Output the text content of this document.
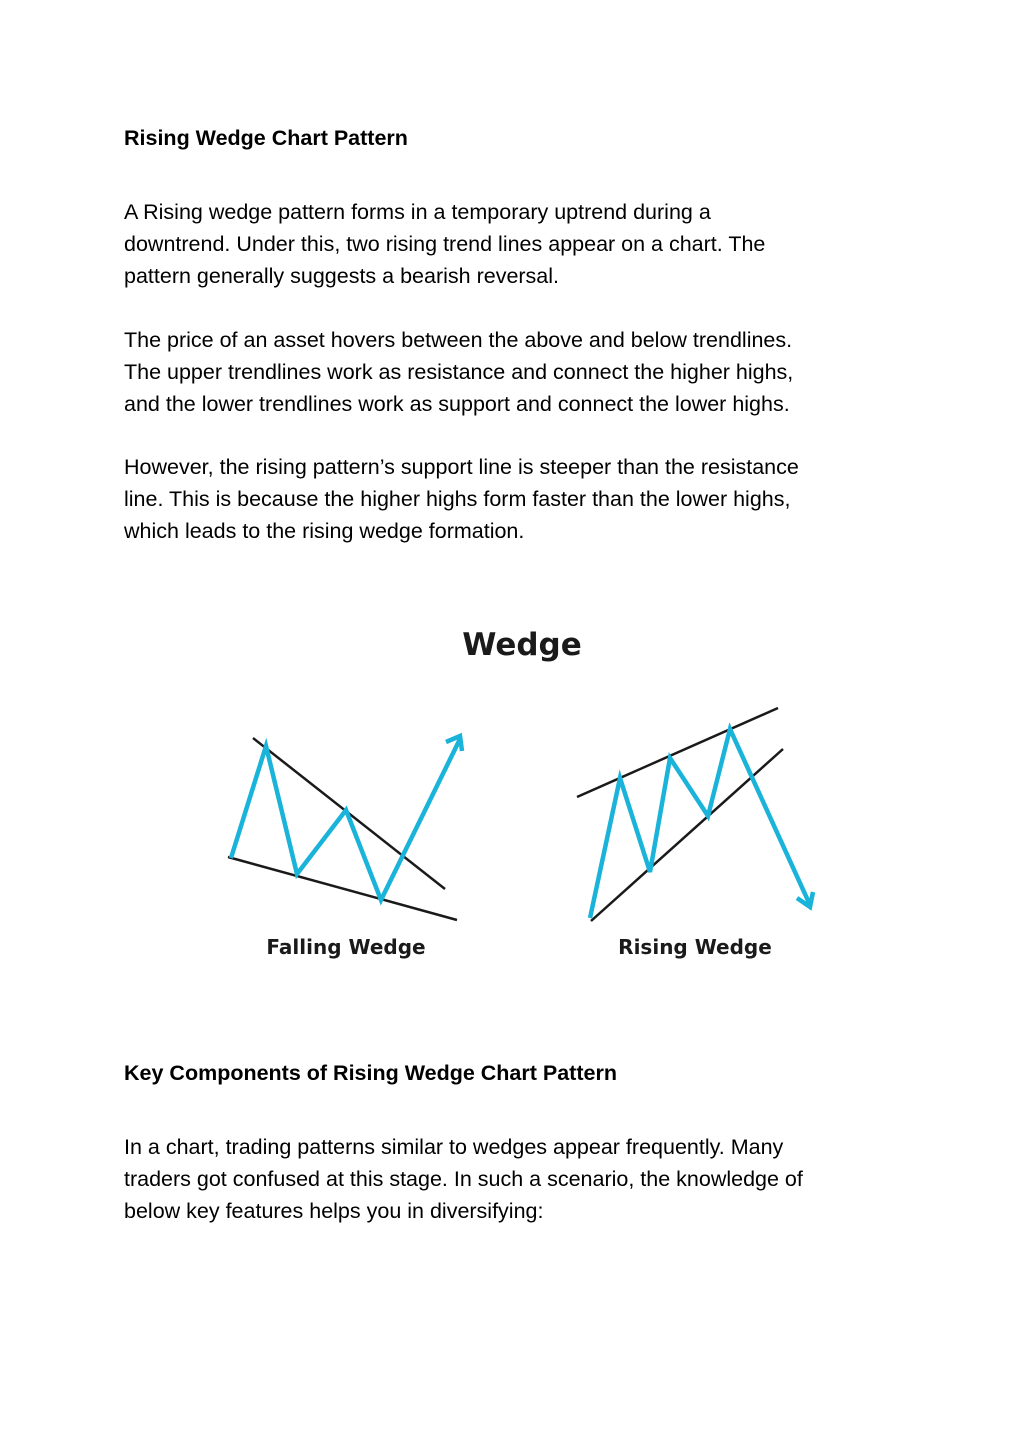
Rising Wedge Chart Pattern

A Rising wedge pattern forms in a temporary uptrend during a
downtrend. Under this, two rising trend lines appear on a chart. The
pattern generally suggests a bearish reversal.

The price of an asset hovers between the above and below trendlines.
The upper trendlines work as resistance and connect the higher highs,
and the lower trendlines work as support and connect the lower highs.

However, the rising pattern’s support line is steeper than the resistance
line. This is because the higher highs form faster than the lower highs,
which leads to the rising wedge formation.

Wedge
Falling Wedge	Rising Wedge
Key Components of Rising Wedge Chart Pattern

In a chart, trading patterns similar to wedges appear frequently. Many
traders got confused at this stage. In such a scenario, the knowledge of
below key features helps you in diversifying:
